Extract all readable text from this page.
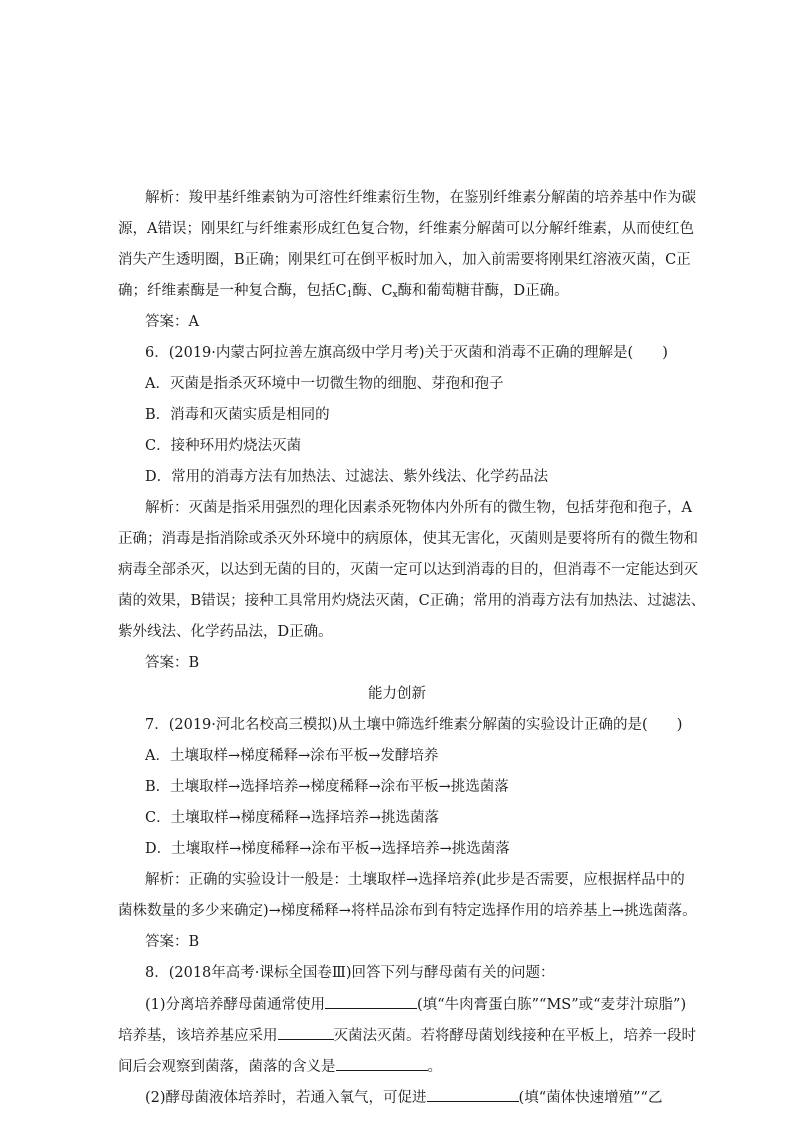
解析：羧甲基纤维素钠为可溶性纤维素衍生物，在鉴别纤维素分解菌的培养基中作为碳
源，A错误；刚果红与纤维素形成红色复合物，纤维素分解菌可以分解纤维素，从而使红色
消失产生透明圈，B正确；刚果红可在倒平板时加入，加入前需要将刚果红溶液灭菌，C正
确；纤维素酶是一种复合酶，包括$C_1$酶、$C_x$酶和葡萄糖苷酶，D正确。
答案：A
6．(2019·内蒙古阿拉善左旗高级中学月考)关于灭菌和消毒不正确的理解是(　　)
A．灭菌是指杀灭环境中一切微生物的细胞、芽孢和孢子
B．消毒和灭菌实质是相同的
C．接种环用灼烧法灭菌
D．常用的消毒方法有加热法、过滤法、紫外线法、化学药品法
解析：灭菌是指采用强烈的理化因素杀死物体内外所有的微生物，包括芽孢和孢子，A
正确；消毒是指消除或杀灭外环境中的病原体，使其无害化，灭菌则是要将所有的微生物和
病毒全部杀灭，以达到无菌的目的，灭菌一定可以达到消毒的目的，但消毒不一定能达到灭
菌的效果，B错误；接种工具常用灼烧法灭菌，C正确；常用的消毒方法有加热法、过滤法、
紫外线法、化学药品法，D正确。
答案：B
能力创新
7．(2019·河北名校高三模拟)从土壤中筛选纤维素分解菌的实验设计正确的是(　　)
A．土壤取样→梯度稀释→涂布平板→发酵培养
B．土壤取样→选择培养→梯度稀释→涂布平板→挑选菌落
C．土壤取样→梯度稀释→选择培养→挑选菌落
D．土壤取样→梯度稀释→涂布平板→选择培养→挑选菌落
解析：正确的实验设计一般是：土壤取样→选择培养(此步是否需要，应根据样品中的
菌株数量的多少来确定)→梯度稀释→将样品涂布到有特定选择作用的培养基上→挑选菌落。
答案：B
8．(2018年高考·课标全国卷Ⅲ)回答下列与酵母菌有关的问题：
(1)分离培养酵母菌通常使用	(填“牛肉膏蛋白胨”“MS”或“麦芽汁琼脂”)
培养基，该培养基应采用	灭菌法灭菌。若将酵母菌划线接种在平板上，培养一段时
间后会观察到菌落，菌落的含义是	。
(2)酵母菌液体培养时，若通入氧气，可促进	(填“菌体快速增殖”“乙
